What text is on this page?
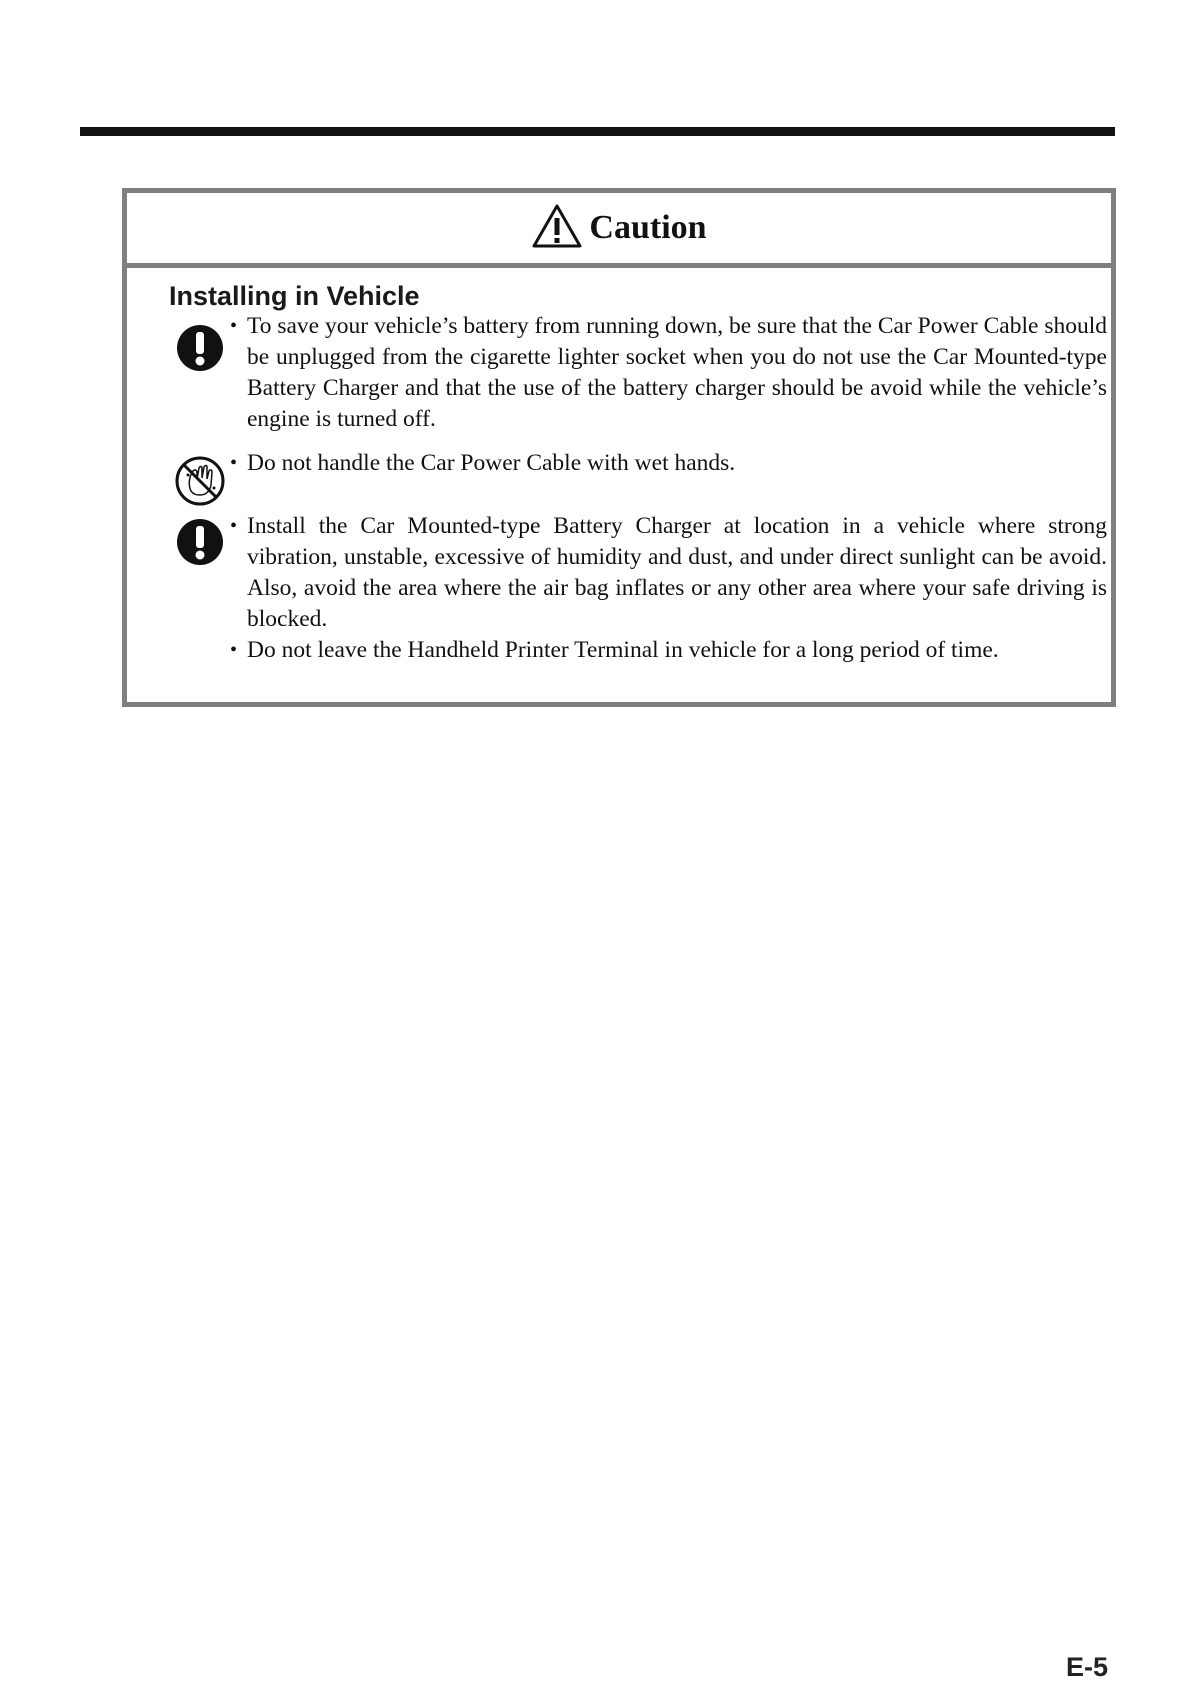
Caution
Installing in Vehicle
• To save your vehicle’s battery from running down, be sure that the Car Power Cable should be unplugged from the cigarette lighter socket when you do not use the Car Mounted-type Battery Charger and that the use of the battery charger should be avoid while the vehicle’s engine is turned off.
• Do not handle the Car Power Cable with wet hands.
• Install the Car Mounted-type Battery Charger at location in a vehicle where strong vibration, unstable, excessive of humidity and dust, and under direct sunlight can be avoid. Also, avoid the area where the air bag inflates or any other area where your safe driving is blocked.
• Do not leave the Handheld Printer Terminal in vehicle for a long period of time.
E-5
